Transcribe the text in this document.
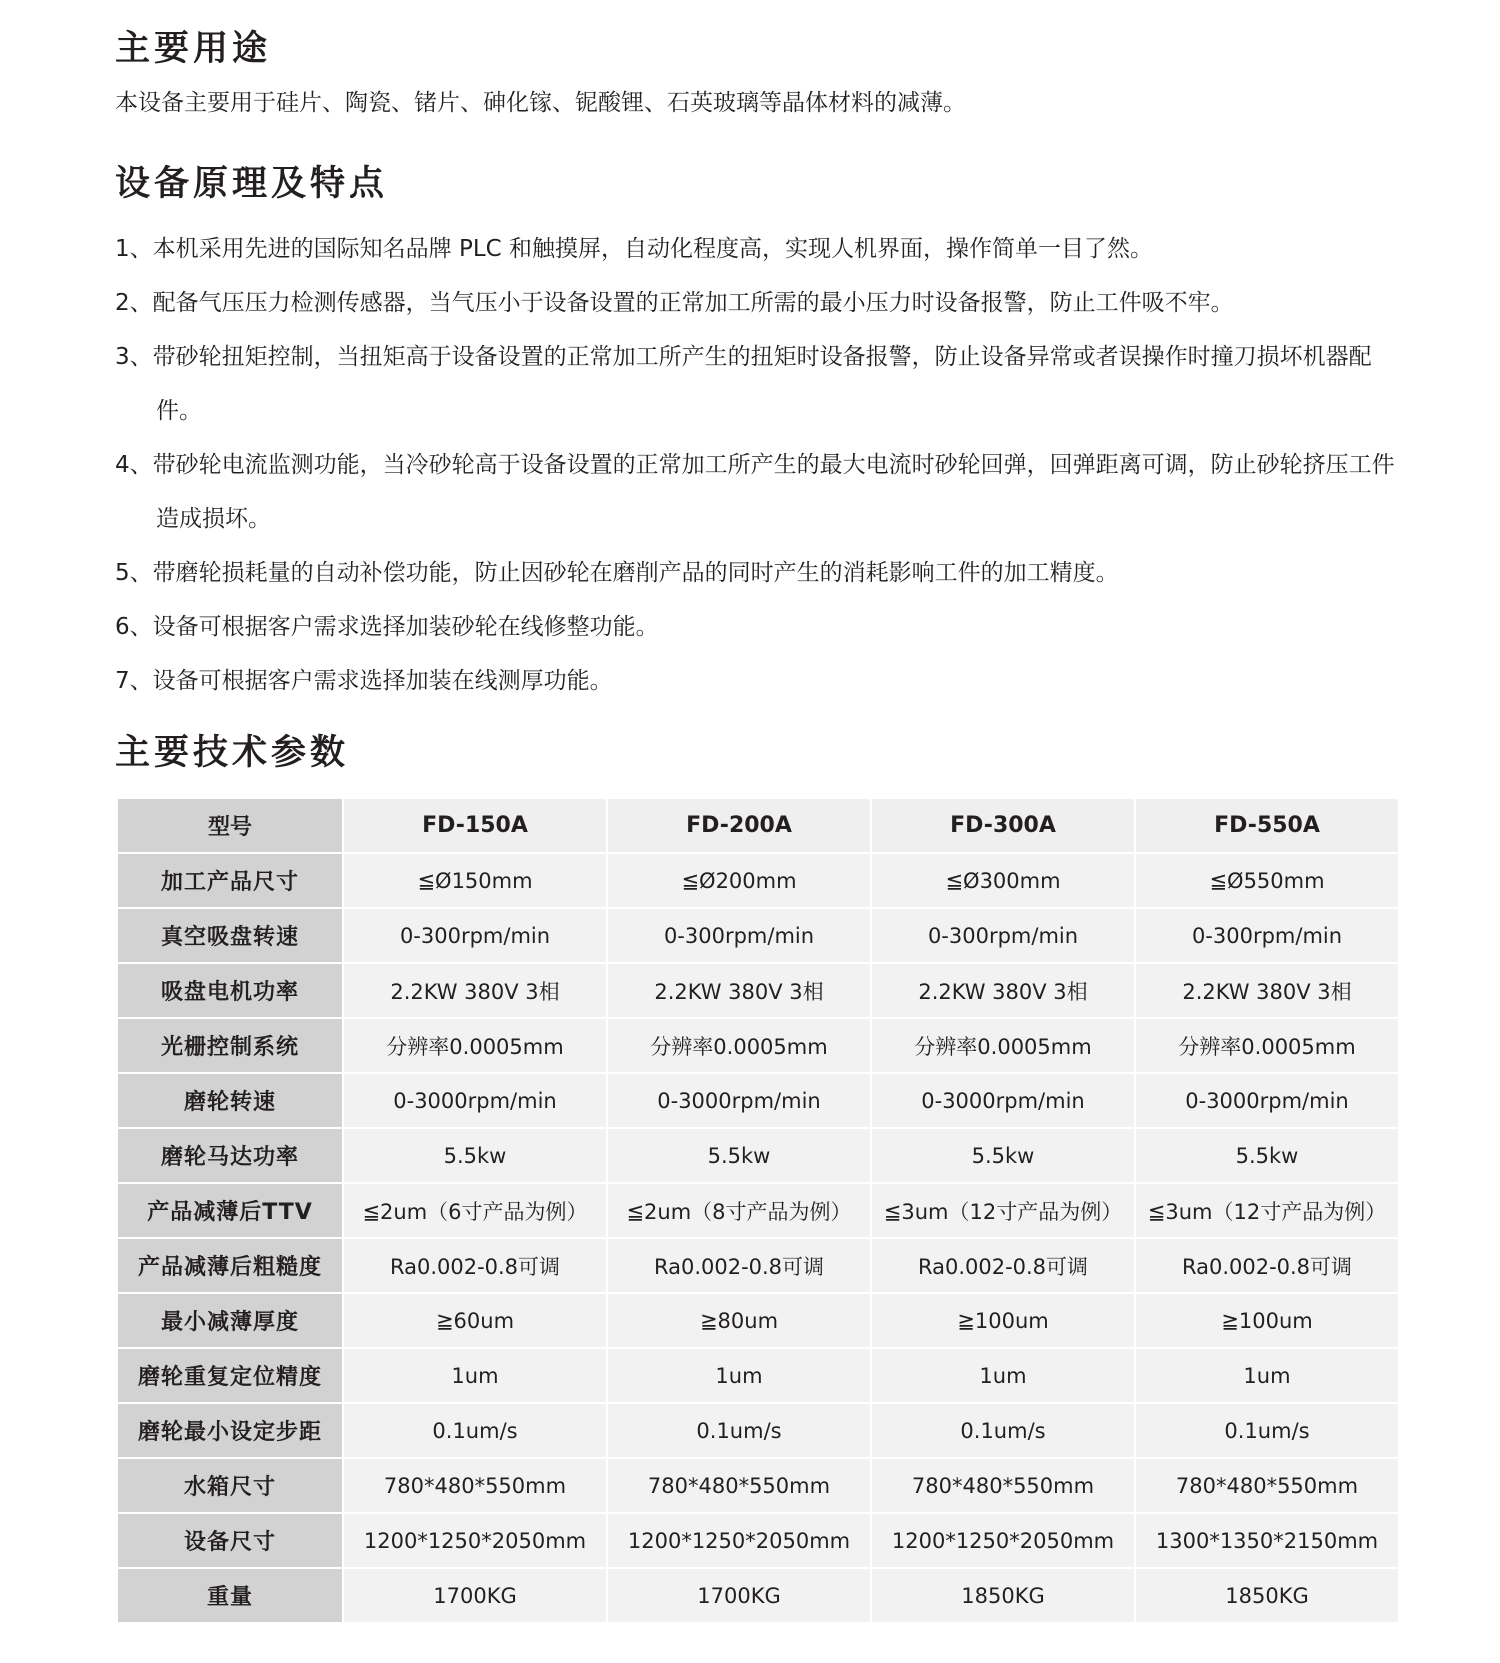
主要用途
本设备主要用于硅片、陶瓷、锗片、砷化镓、铌酸锂、石英玻璃等晶体材料的减薄。
设备原理及特点
1、本机采用先进的国际知名品牌 PLC 和触摸屏，自动化程度高，实现人机界面，操作简单一目了然。
2、配备气压压力检测传感器，当气压小于设备设置的正常加工所需的最小压力时设备报警，防止工件吸不牢。
3、带砂轮扭矩控制，当扭矩高于设备设置的正常加工所产生的扭矩时设备报警，防止设备异常或者误操作时撞刀损坏机器配件。
4、带砂轮电流监测功能，当冷砂轮高于设备设置的正常加工所产生的最大电流时砂轮回弹，回弹距离可调，防止砂轮挤压工件造成损坏。
5、带磨轮损耗量的自动补偿功能，防止因砂轮在磨削产品的同时产生的消耗影响工件的加工精度。
6、设备可根据客户需求选择加装砂轮在线修整功能。
7、设备可根据客户需求选择加装在线测厚功能。
主要技术参数
型号	FD-150A	FD-200A	FD-300A	FD-550A
加工产品尺寸	≦Ø150mm	≦Ø200mm	≦Ø300mm	≦Ø550mm
真空吸盘转速	0-300rpm/min	0-300rpm/min	0-300rpm/min	0-300rpm/min
吸盘电机功率	2.2KW 380V 3相	2.2KW 380V 3相	2.2KW 380V 3相	2.2KW 380V 3相
光栅控制系统	分辨率0.0005mm	分辨率0.0005mm	分辨率0.0005mm	分辨率0.0005mm
磨轮转速	0-3000rpm/min	0-3000rpm/min	0-3000rpm/min	0-3000rpm/min
磨轮马达功率	5.5kw	5.5kw	5.5kw	5.5kw
产品减薄后TTV	≦2um（6寸产品为例）	≦2um（8寸产品为例）	≦3um（12寸产品为例）	≦3um（12寸产品为例）
产品减薄后粗糙度	Ra0.002-0.8可调	Ra0.002-0.8可调	Ra0.002-0.8可调	Ra0.002-0.8可调
最小减薄厚度	≧60um	≧80um	≧100um	≧100um
磨轮重复定位精度	1um	1um	1um	1um
磨轮最小设定步距	0.1um/s	0.1um/s	0.1um/s	0.1um/s
水箱尺寸	780*480*550mm	780*480*550mm	780*480*550mm	780*480*550mm
设备尺寸	1200*1250*2050mm	1200*1250*2050mm	1200*1250*2050mm	1300*1350*2150mm
重量	1700KG	1700KG	1850KG	1850KG
